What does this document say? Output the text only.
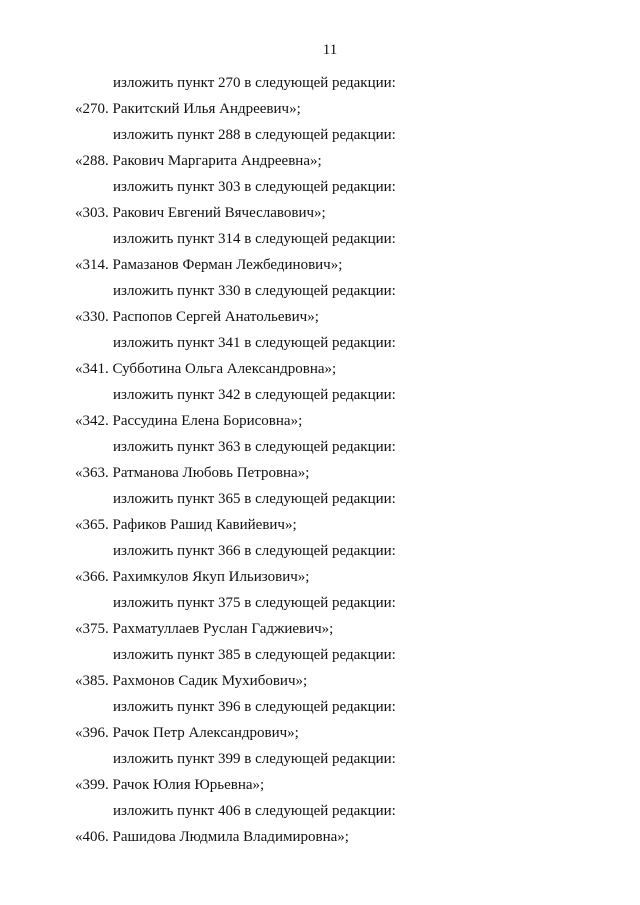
11
изложить пункт 270 в следующей редакции:
«270. Ракитский Илья Андреевич»;
изложить пункт 288 в следующей редакции:
«288. Ракович Маргарита Андреевна»;
изложить пункт 303 в следующей редакции:
«303. Ракович Евгений Вячеславович»;
изложить пункт 314 в следующей редакции:
«314. Рамазанов Ферман Лежбединович»;
изложить пункт 330 в следующей редакции:
«330. Распопов Сергей Анатольевич»;
изложить пункт 341 в следующей редакции:
«341. Субботина Ольга Александровна»;
изложить пункт 342 в следующей редакции:
«342. Рассудина Елена Борисовна»;
изложить пункт 363 в следующей редакции:
«363. Ратманова Любовь Петровна»;
изложить пункт 365 в следующей редакции:
«365. Рафиков Рашид Кавийевич»;
изложить пункт 366 в следующей редакции:
«366. Рахимкулов Якуп Ильизович»;
изложить пункт 375 в следующей редакции:
«375. Рахматуллаев Руслан Гаджиевич»;
изложить пункт 385 в следующей редакции:
«385. Рахмонов Садик Мухибович»;
изложить пункт 396 в следующей редакции:
«396. Рачок Петр Александрович»;
изложить пункт 399 в следующей редакции:
«399. Рачок Юлия Юрьевна»;
изложить пункт 406 в следующей редакции:
«406. Рашидова Людмила Владимировна»;
